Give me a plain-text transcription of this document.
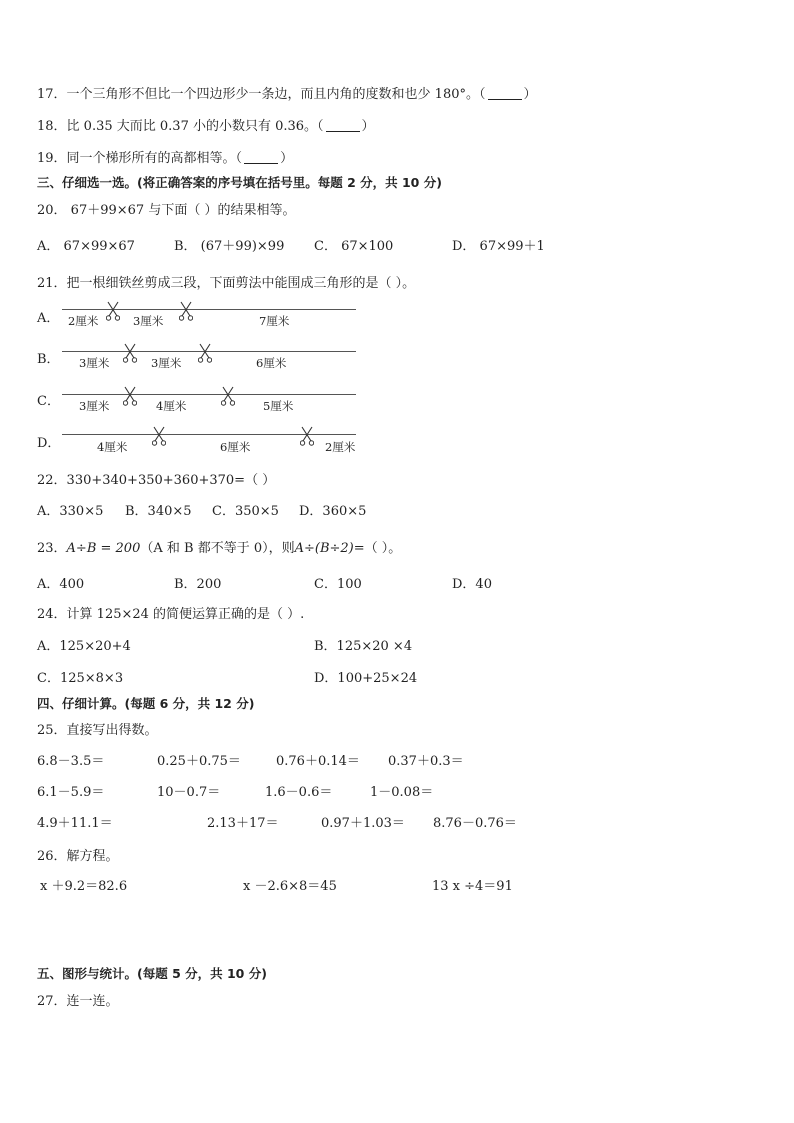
17．一个三角形不但比一个四边形少一条边，而且内角的度数和也少 180°。（	）
18．比 0.35 大而比 0.37 小的小数只有 0.36。（	）
19．同一个梯形所有的高都相等。（	）
三、仔细选一选。(将正确答案的序号填在括号里。每题 2 分，共 10 分)
20． 67＋99×67 与下面（ ）的结果相等。
A． 67×99×67	B． (67＋99)×99 C． 67×100	D． 67×99＋1
21．把一根细铁丝剪成三段，下面剪法中能围成三角形的是（ ）。
A． 2厘米	3厘米	7厘米
B． 3厘米	3厘米	6厘米
C． 3厘米	4厘米	5厘米
D．	4厘米	6厘米	2厘米
22．330+340+350+360+370=（ ）
A．330×5 B．340×5 C．350×5 D．360×5
23．A÷B = 200（A 和 B 都不等于 0），则A÷(B÷2)=（ ）。
A．400	B．200	C．100	D．40
24．计算 125×24 的简便运算正确的是（ ）.
A．125×20+4	B．125×20 ×4
C．125×8×3	D．100+25×24
四、仔细计算。(每题 6 分，共 12 分)
25．直接写出得数。
6.8－3.5＝	0.25＋0.75＝	0.76＋0.14＝ 0.37＋0.3＝
6.1－5.9＝	10－0.7＝	1.6－0.6＝	1－0.08＝
4.9＋11.1＝	2.13＋17＝	0.97＋1.03＝ 8.76－0.76＝
26．解方程。
x ＋9.2＝82.6	x －2.6×8＝45	13 x ÷4＝91
五、图形与统计。(每题 5 分，共 10 分)
27．连一连。
